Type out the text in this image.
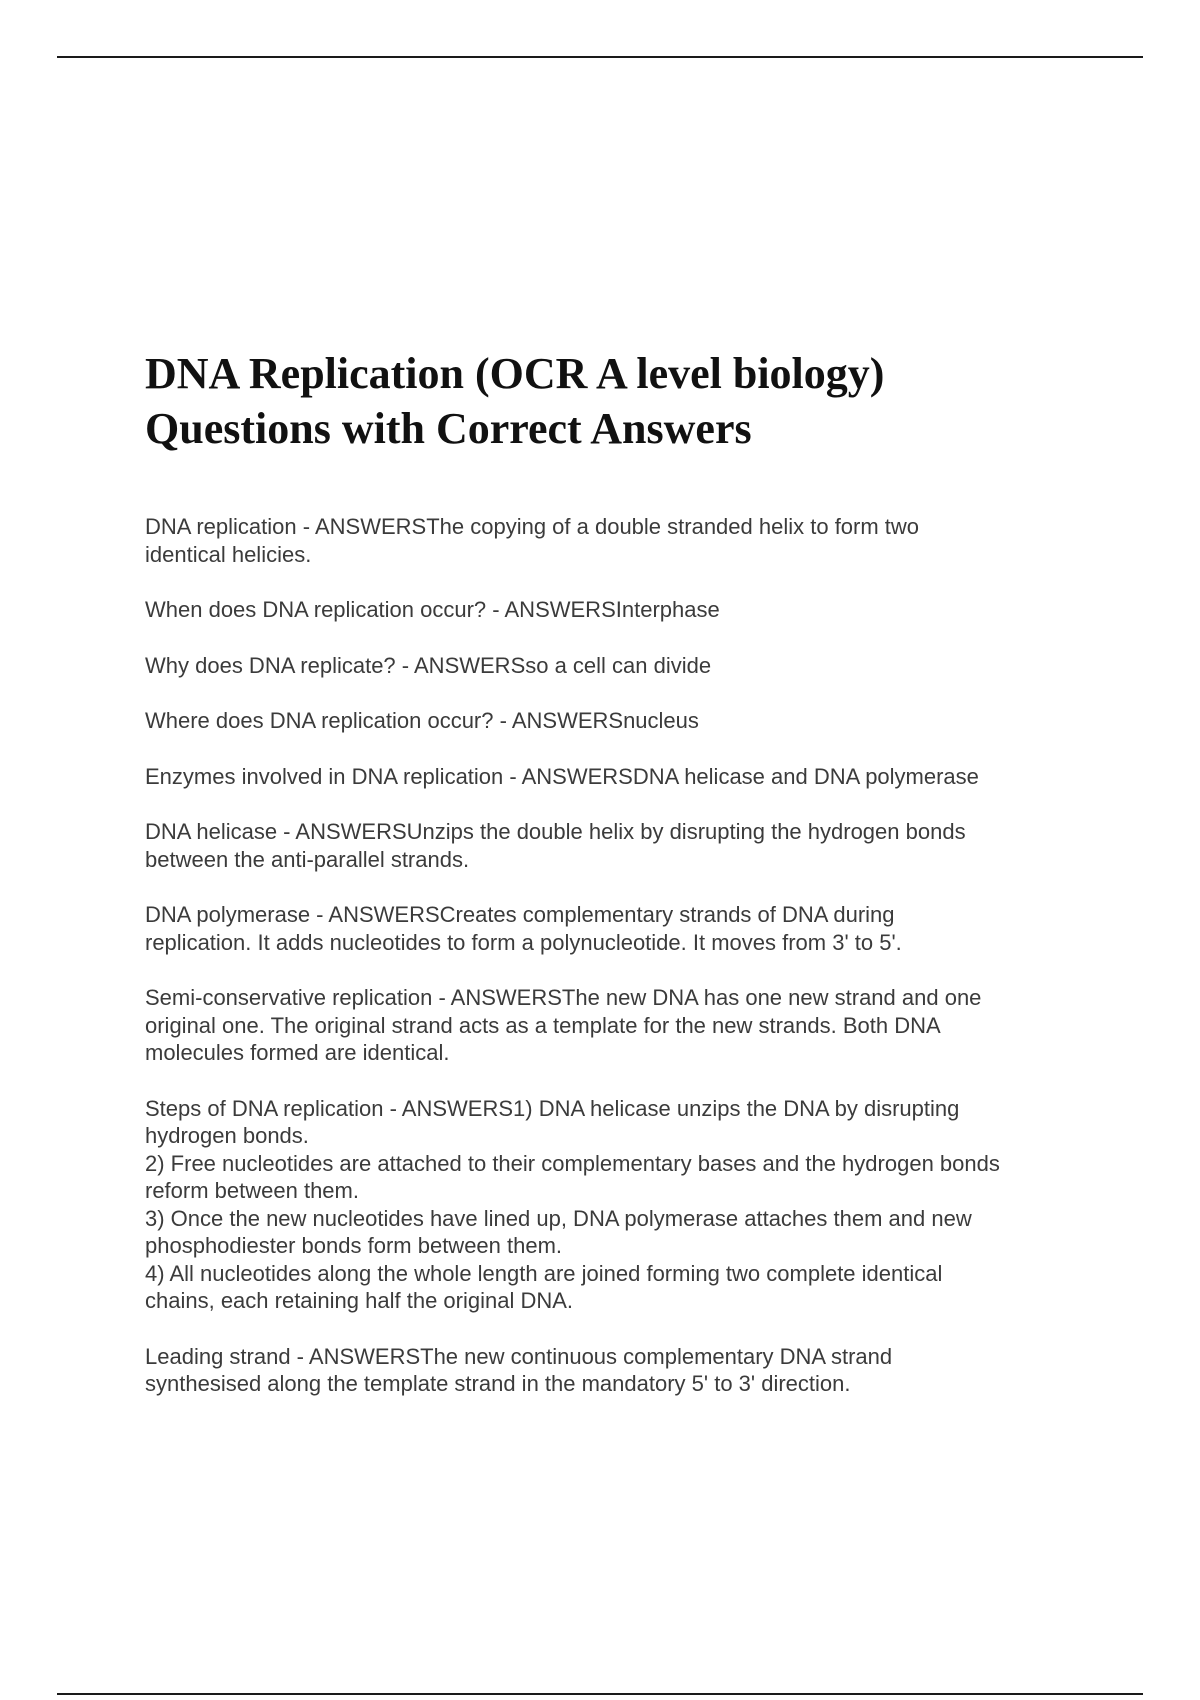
DNA Replication (OCR A level biology)
Questions with Correct Answers

DNA replication - ANSWERSThe copying of a double stranded helix to form two
identical helicies.

When does DNA replication occur? - ANSWERSInterphase

Why does DNA replicate? - ANSWERSso a cell can divide

Where does DNA replication occur? - ANSWERSnucleus

Enzymes involved in DNA replication - ANSWERSDNA helicase and DNA polymerase

DNA helicase - ANSWERSUnzips the double helix by disrupting the hydrogen bonds
between the anti-parallel strands.

DNA polymerase - ANSWERSCreates complementary strands of DNA during
replication. It adds nucleotides to form a polynucleotide. It moves from 3' to 5'.

Semi-conservative replication - ANSWERSThe new DNA has one new strand and one
original one. The original strand acts as a template for the new strands. Both DNA
molecules formed are identical.

Steps of DNA replication - ANSWERS1) DNA helicase unzips the DNA by disrupting
hydrogen bonds.
2) Free nucleotides are attached to their complementary bases and the hydrogen bonds
reform between them.
3) Once the new nucleotides have lined up, DNA polymerase attaches them and new
phosphodiester bonds form between them.
4) All nucleotides along the whole length are joined forming two complete identical
chains, each retaining half the original DNA.

Leading strand - ANSWERSThe new continuous complementary DNA strand
synthesised along the template strand in the mandatory 5' to 3' direction.
